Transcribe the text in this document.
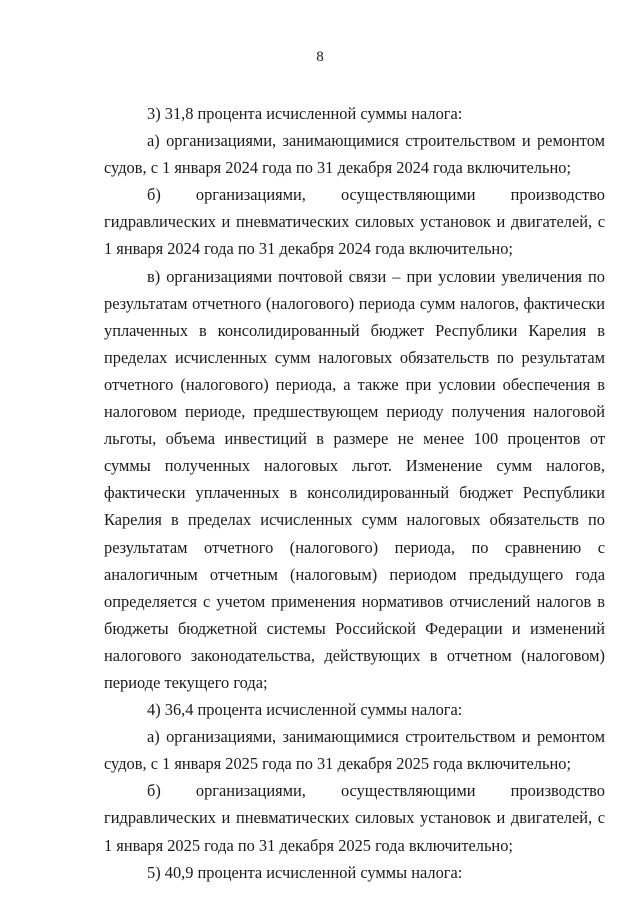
8

3) 31,8 процента исчисленной суммы налога:

а) организациями, занимающимися строительством и ремонтом судов, с 1 января 2024 года по 31 декабря 2024 года включительно;

б) организациями, осуществляющими производство гидравлических и пневматических силовых установок и двигателей, с 1 января 2024 года по 31 декабря 2024 года включительно;

в) организациями почтовой связи – при условии увеличения по результатам отчетного (налогового) периода сумм налогов, фактически уплаченных в консолидированный бюджет Республики Карелия в пределах исчисленных сумм налоговых обязательств по результатам отчетного (налогового) периода, а также при условии обеспечения в налоговом периоде, предшествующем периоду получения налоговой льготы, объема инвестиций в размере не менее 100 процентов от суммы полученных налоговых льгот. Изменение сумм налогов, фактически уплаченных в консолидированный бюджет Республики Карелия в пределах исчисленных сумм налоговых обязательств по результатам отчетного (налогового) периода, по сравнению с аналогичным отчетным (налоговым) периодом предыдущего года определяется с учетом применения нормативов отчислений налогов в бюджеты бюджетной системы Российской Федерации и изменений налогового законодательства, действующих в отчетном (налоговом) периоде текущего года;

4) 36,4 процента исчисленной суммы налога:

а) организациями, занимающимися строительством и ремонтом судов, с 1 января 2025 года по 31 декабря 2025 года включительно;

б) организациями, осуществляющими производство гидравлических и пневматических силовых установок и двигателей, с 1 января 2025 года по 31 декабря 2025 года включительно;

5) 40,9 процента исчисленной суммы налога:
